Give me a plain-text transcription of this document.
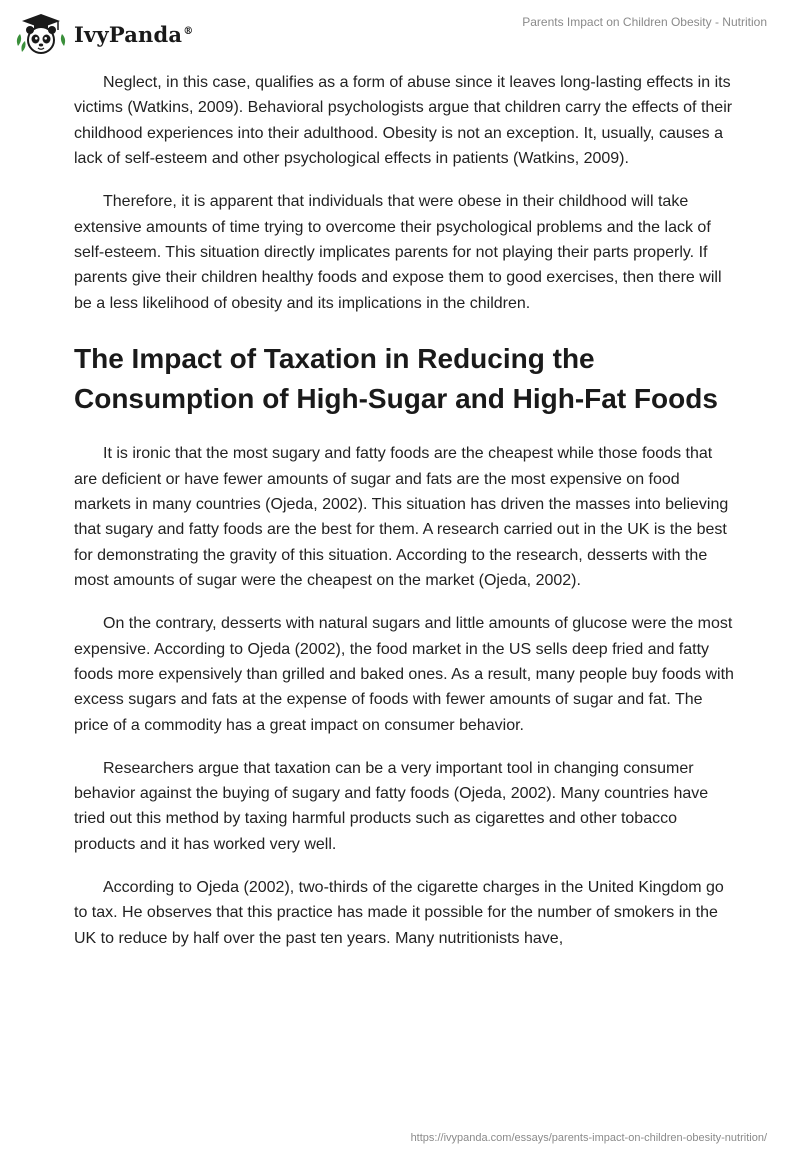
IvyPanda®
Parents Impact on Children Obesity - Nutrition

Neglect, in this case, qualifies as a form of abuse since it leaves long-lasting effects in its victims (Watkins, 2009). Behavioral psychologists argue that children carry the effects of their childhood experiences into their adulthood. Obesity is not an exception. It, usually, causes a lack of self-esteem and other psychological effects in patients (Watkins, 2009).

Therefore, it is apparent that individuals that were obese in their childhood will take extensive amounts of time trying to overcome their psychological problems and the lack of self-esteem. This situation directly implicates parents for not playing their parts properly. If parents give their children healthy foods and expose them to good exercises, then there will be a less likelihood of obesity and its implications in the children.

The Impact of Taxation in Reducing the Consumption of High-Sugar and High-Fat Foods

It is ironic that the most sugary and fatty foods are the cheapest while those foods that are deficient or have fewer amounts of sugar and fats are the most expensive on food markets in many countries (Ojeda, 2002). This situation has driven the masses into believing that sugary and fatty foods are the best for them. A research carried out in the UK is the best for demonstrating the gravity of this situation. According to the research, desserts with the most amounts of sugar were the cheapest on the market (Ojeda, 2002).

On the contrary, desserts with natural sugars and little amounts of glucose were the most expensive. According to Ojeda (2002), the food market in the US sells deep fried and fatty foods more expensively than grilled and baked ones. As a result, many people buy foods with excess sugars and fats at the expense of foods with fewer amounts of sugar and fat. The price of a commodity has a great impact on consumer behavior.

Researchers argue that taxation can be a very important tool in changing consumer behavior against the buying of sugary and fatty foods (Ojeda, 2002). Many countries have tried out this method by taxing harmful products such as cigarettes and other tobacco products and it has worked very well.

According to Ojeda (2002), two-thirds of the cigarette charges in the United Kingdom go to tax. He observes that this practice has made it possible for the number of smokers in the UK to reduce by half over the past ten years. Many nutritionists have,

https://ivypanda.com/essays/parents-impact-on-children-obesity-nutrition/
